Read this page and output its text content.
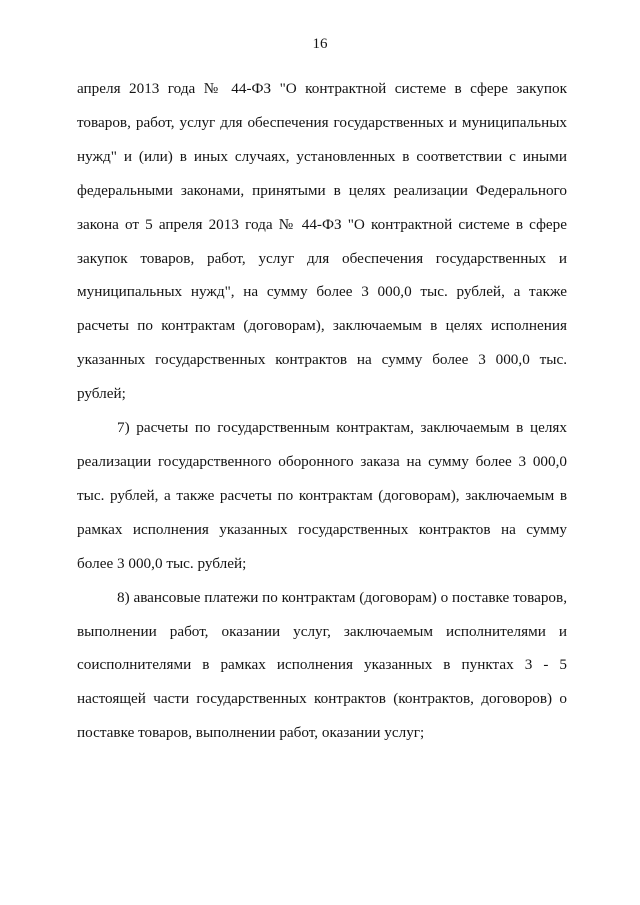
16

апреля 2013 года № 44-ФЗ "О контрактной системе в сфере закупок товаров, работ, услуг для обеспечения государственных и муниципальных нужд" и (или) в иных случаях, установленных в соответствии с иными федеральными законами, принятыми в целях реализации Федерального закона от 5 апреля 2013 года № 44-ФЗ "О контрактной системе в сфере закупок товаров, работ, услуг для обеспечения государственных и муниципальных нужд", на сумму более 3 000,0 тыс. рублей, а также расчеты по контрактам (договорам), заключаемым в целях исполнения указанных государственных контрактов на сумму более 3 000,0 тыс. рублей;

7) расчеты по государственным контрактам, заключаемым в целях реализации государственного оборонного заказа на сумму более 3 000,0 тыс. рублей, а также расчеты по контрактам (договорам), заключаемым в рамках исполнения указанных государственных контрактов на сумму более 3 000,0 тыс. рублей;

8) авансовые платежи по контрактам (договорам) о поставке товаров, выполнении работ, оказании услуг, заключаемым исполнителями и соисполнителями в рамках исполнения указанных в пунктах 3 - 5 настоящей части государственных контрактов (контрактов, договоров) о поставке товаров, выполнении работ, оказании услуг;
